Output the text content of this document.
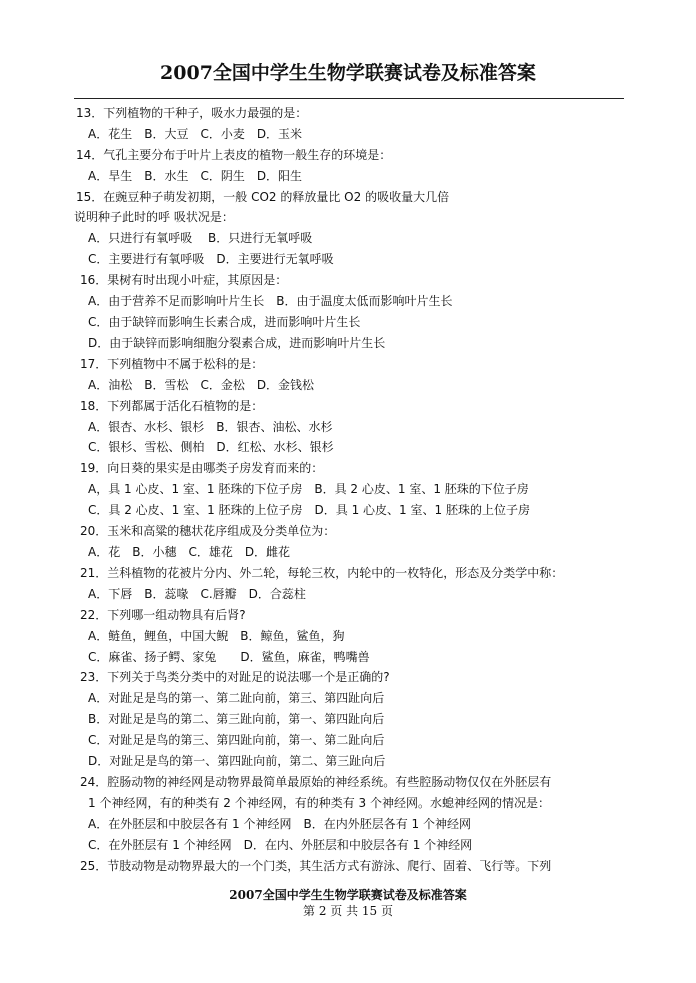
2007全国中学生生物学联赛试卷及标准答案
13．下列植物的干种子，吸水力最强的是：
A．花生　B．大豆　C．小麦　D．玉米
14．气孔主要分布于叶片上表皮的植物一般生存的环境是：
A．旱生　B．水生　C．阴生　D．阳生
15．在豌豆种子萌发初期，一般 CO2 的释放量比 O2 的吸收量大几倍
说明种子此时的呼 吸状况是：
A．只进行有氧呼吸　 B．只进行无氧呼吸
C．主要进行有氧呼吸　D．主要进行无氧呼吸
16．果树有时出现小叶症，其原因是：
A．由于营养不足而影响叶片生长　B．由于温度太低而影响叶片生长
C．由于缺锌而影响生长素合成，进而影响叶片生长
D．由于缺锌而影响细胞分裂素合成，进而影响叶片生长
17．下列植物中不属于松科的是：
A．油松　B．雪松　C．金松　D．金钱松
18．下列都属于活化石植物的是：
A．银杏、水杉、银杉　B．银杏、油松、水杉
C．银杉、雪松、侧柏　D．红松、水杉、银杉
19．向日葵的果实是由哪类子房发育而来的：
A，具 1 心皮、1 室、1 胚珠的下位子房　B．具 2 心皮、1 室、1 胚珠的下位子房
C．具 2 心皮、1 室、1 胚珠的上位子房　D．具 1 心皮、1 室、1 胚珠的上位子房
20．玉米和高粱的穗状花序组成及分类单位为：
A．花　B．小穗　C．雄花　D．雌花
21．兰科植物的花被片分内、外二轮，每轮三枚，内轮中的一枚特化，形态及分类学中称：
A．下唇　B．蕊喙　C.唇瓣　D．合蕊柱
22．下列哪一组动物具有后肾?
A．鲢鱼，鲤鱼，中国大鲵　B．鲸鱼，鲨鱼，狗
C．麻雀、扬子鳄、家兔　　D．鲨鱼，麻雀，鸭嘴兽
23．下列关于鸟类分类中的对趾足的说法哪一个是正确的?
A．对趾足是鸟的第一、第二趾向前，第三、第四趾向后
B．对趾足是鸟的第二、第三趾向前，第一、第四趾向后
C．对趾足是鸟的第三、第四趾向前，第一、第二趾向后
D．对趾足是鸟的第一、第四趾向前，第二、第三趾向后
24．腔肠动物的神经网是动物界最简单最原始的神经系统。有些腔肠动物仅仅在外胚层有
1 个神经网，有的种类有 2 个神经网，有的种类有 3 个神经网。水螅神经网的情况是：
A．在外胚层和中胶层各有 1 个神经网　B．在内外胚层各有 1 个神经网
C．在外胚层有 1 个神经网　D．在内、外胚层和中胶层各有 1 个神经网
25．节肢动物是动物界最大的一个门类，其生活方式有游泳、爬行、固着、飞行等。下列
2007全国中学生生物学联赛试卷及标准答案
第 2 页 共 15 页
